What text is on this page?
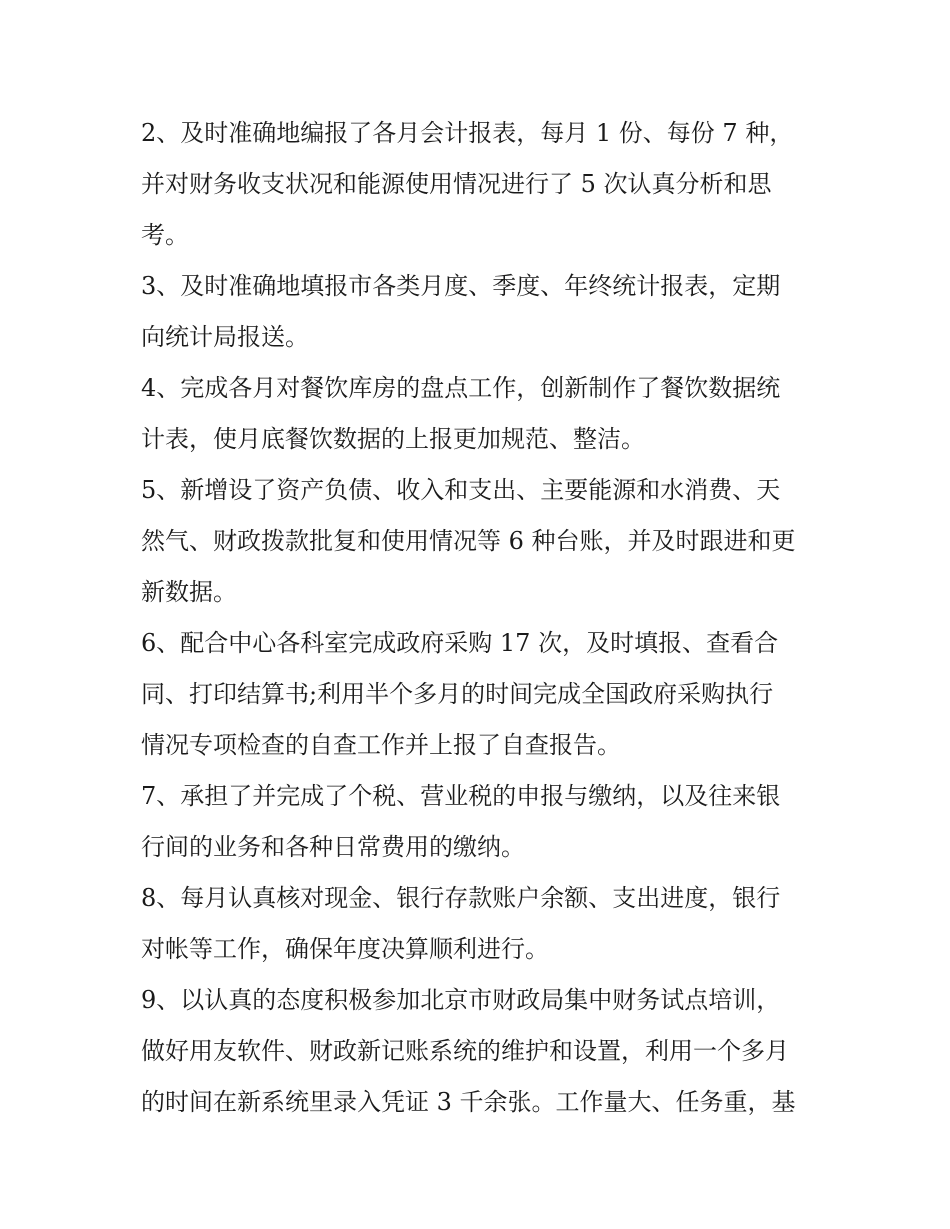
2、及时准确地编报了各月会计报表，每月 1 份、每份 7 种，
并对财务收支状况和能源使用情况进行了 5 次认真分析和思
考。

3、及时准确地填报市各类月度、季度、年终统计报表，定期
向统计局报送。

4、完成各月对餐饮库房的盘点工作，创新制作了餐饮数据统
计表，使月底餐饮数据的上报更加规范、整洁。

5、新增设了资产负债、收入和支出、主要能源和水消费、天
然气、财政拨款批复和使用情况等 6 种台账，并及时跟进和更
新数据。

6、配合中心各科室完成政府采购 17 次，及时填报、查看合
同、打印结算书;利用半个多月的时间完成全国政府采购执行
情况专项检查的自查工作并上报了自查报告。

7、承担了并完成了个税、营业税的申报与缴纳，以及往来银
行间的业务和各种日常费用的缴纳。

8、每月认真核对现金、银行存款账户余额、支出进度，银行
对帐等工作，确保年度决算顺利进行。

9、以认真的态度积极参加北京市财政局集中财务试点培训，
做好用友软件、财政新记账系统的维护和设置，利用一个多月
的时间在新系统里录入凭证 3 千余张。工作量大、任务重，基
